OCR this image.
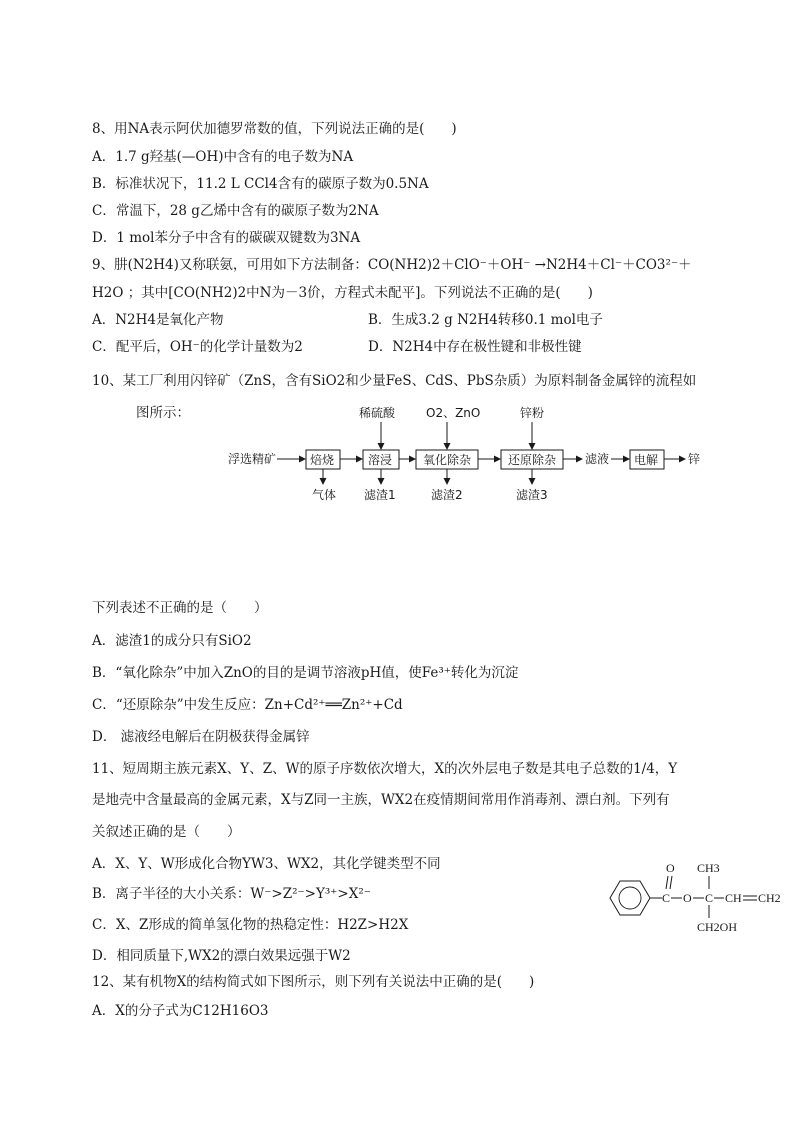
8、用NA表示阿伏加德罗常数的值，下列说法正确的是(　　)
A．1.7 g羟基(—OH)中含有的电子数为NA
B．标准状况下，11.2 L CCl4含有的碳原子数为0.5NA
C．常温下，28 g乙烯中含有的碳原子数为2NA
D．1 mol苯分子中含有的碳碳双键数为3NA
9、肼(N2H4)又称联氨，可用如下方法制备：CO(NH2)2＋ClO⁻＋OH⁻ →N2H4＋Cl⁻＋CO3²⁻＋
H2O ；其中[CO(NH2)2中N为－3价，方程式未配平]。下列说法不正确的是(　　)
A．N2H4是氧化产物	B．生成3.2 g N2H4转移0.1 mol电子
C．配平后，OH⁻的化学计量数为2	D．N2H4中存在极性键和非极性键
10、某工厂利用闪锌矿（ZnS，含有SiO2和少量FeS、CdS、PbS杂质）为原料制备金属锌的流程如
图所示：
浮选精矿	焙烧
气体
溶浸
稀硫酸
滤渣1
氧化除杂
O2、ZnO
滤渣2
还原除杂
锌粉
滤渣3
滤液 电解 锌
下列表述不正确的是（　　）
A．滤渣1的成分只有SiO2
B．“氧化除杂”中加入ZnO的目的是调节溶液pH值，使Fe³⁺转化为沉淀
C．“还原除杂”中发生反应：Zn+Cd²⁺══Zn²⁺+Cd
D． 滤液经电解后在阴极获得金属锌
11、短周期主族元素X、Y、Z、W的原子序数依次增大，X的次外层电子数是其电子总数的1/4，Y
是地壳中含量最高的金属元素，X与Z同一主族，WX2在疫情期间常用作消毒剂、漂白剂。下列有
关叙述正确的是（　　）
A．X、Y、W形成化合物YW3、WX2，其化学键类型不同
B．离子半径的大小关系：W⁻>Z²⁻>Y³⁺>X²⁻
C．X、Z形成的简单氢化物的热稳定性：H2Z>H2X
D．相同质量下,WX2的漂白效果远强于W2
12、某有机物X的结构简式如下图所示，则下列有关说法中正确的是(　　)
A．X的分子式为C12H16O3
C
O
O C
CH3
CH2OH
CH CH2
